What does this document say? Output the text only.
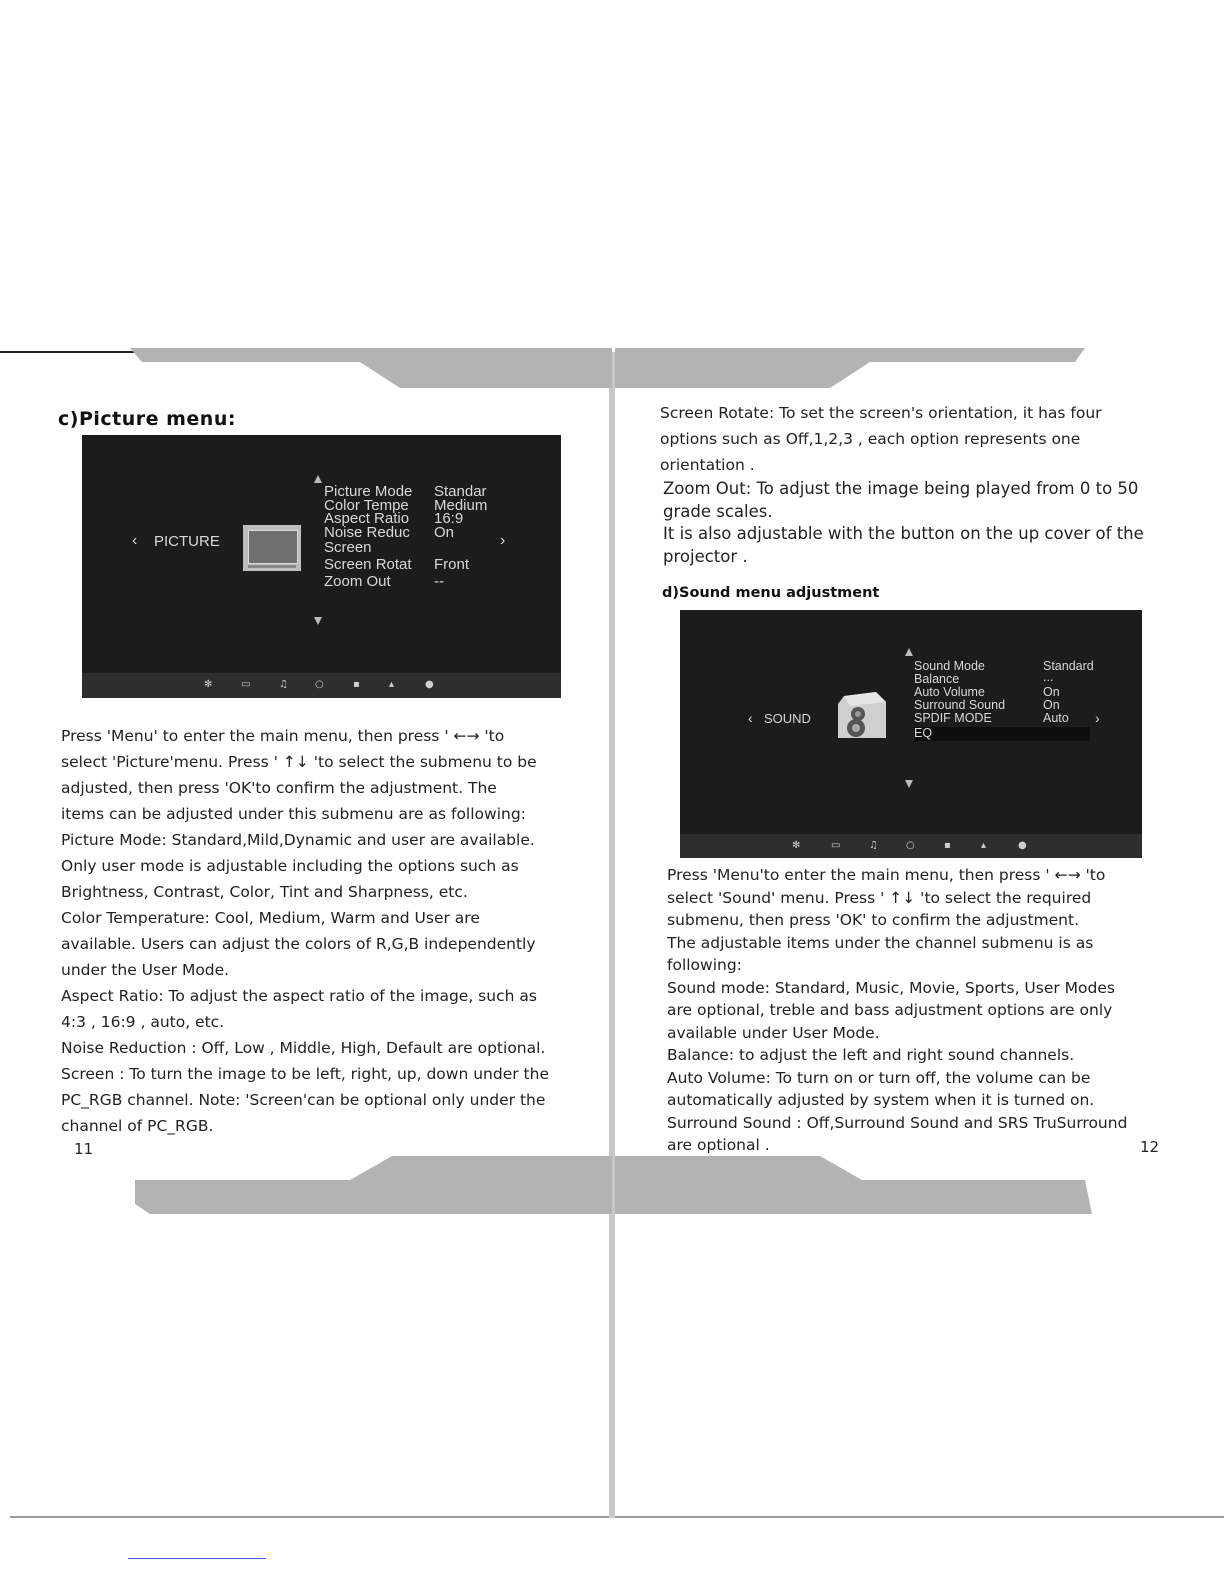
c)Picture menu:
‹ PICTURE	›
Picture Mode Standar
Color Tempe Medium
Aspect Ratio 16:9
Noise Reduc On
Screen
Screen Rotat Front
Zoom Out	--
✻	▭	♫	○	▪	▴	●

Press 'Menu' to enter the main menu, then press ' ←→ 'to

select 'Picture'menu. Press ' ↑↓ 'to select the submenu to be

adjusted, then press 'OK'to confirm the adjustment. The

items can be adjusted under this submenu are as following:

Picture Mode: Standard,Mild,Dynamic and user are available.

Only user mode is adjustable including the options such as

Brightness, Contrast, Color, Tint and Sharpness, etc.

Color Temperature: Cool, Medium, Warm and User are

available. Users can adjust the colors of R,G,B independently

under the User Mode.

Aspect Ratio: To adjust the aspect ratio of the image, such as

4:3 , 16:9 , auto, etc.

Noise Reduction : Off, Low , Middle, High, Default are optional.

Screen : To turn the image to be left, right, up, down under the

PC_RGB channel. Note: 'Screen'can be optional only under the

channel of PC_RGB.

11

Screen Rotate: To set the screen's orientation, it has four

options such as Off,1,2,3 , each option represents one

orientation .

Zoom Out: To adjust the image being played from 0 to 50

grade scales.

It is also adjustable with the button on the up cover of the

projector .

d)Sound menu adjustment
‹ SOUND	›
Sound Mode	Standard
Balance	...
Auto Volume	On
Surround Sound	On
SPDIF MODE	Auto
EQ
✻	▭	♫	○	▪	▴	●

Press 'Menu'to enter the main menu, then press ' ←→ 'to

select 'Sound' menu. Press ' ↑↓ 'to select the required

submenu, then press 'OK' to confirm the adjustment.

The adjustable items under the channel submenu is as

following:

Sound mode: Standard, Music, Movie, Sports, User Modes

are optional, treble and bass adjustment options are only

available under User Mode.

Balance: to adjust the left and right sound channels.

Auto Volume: To turn on or turn off, the volume can be

automatically adjusted by system when it is turned on.

Surround Sound : Off,Surround Sound and SRS TruSurround

are optional .	12
